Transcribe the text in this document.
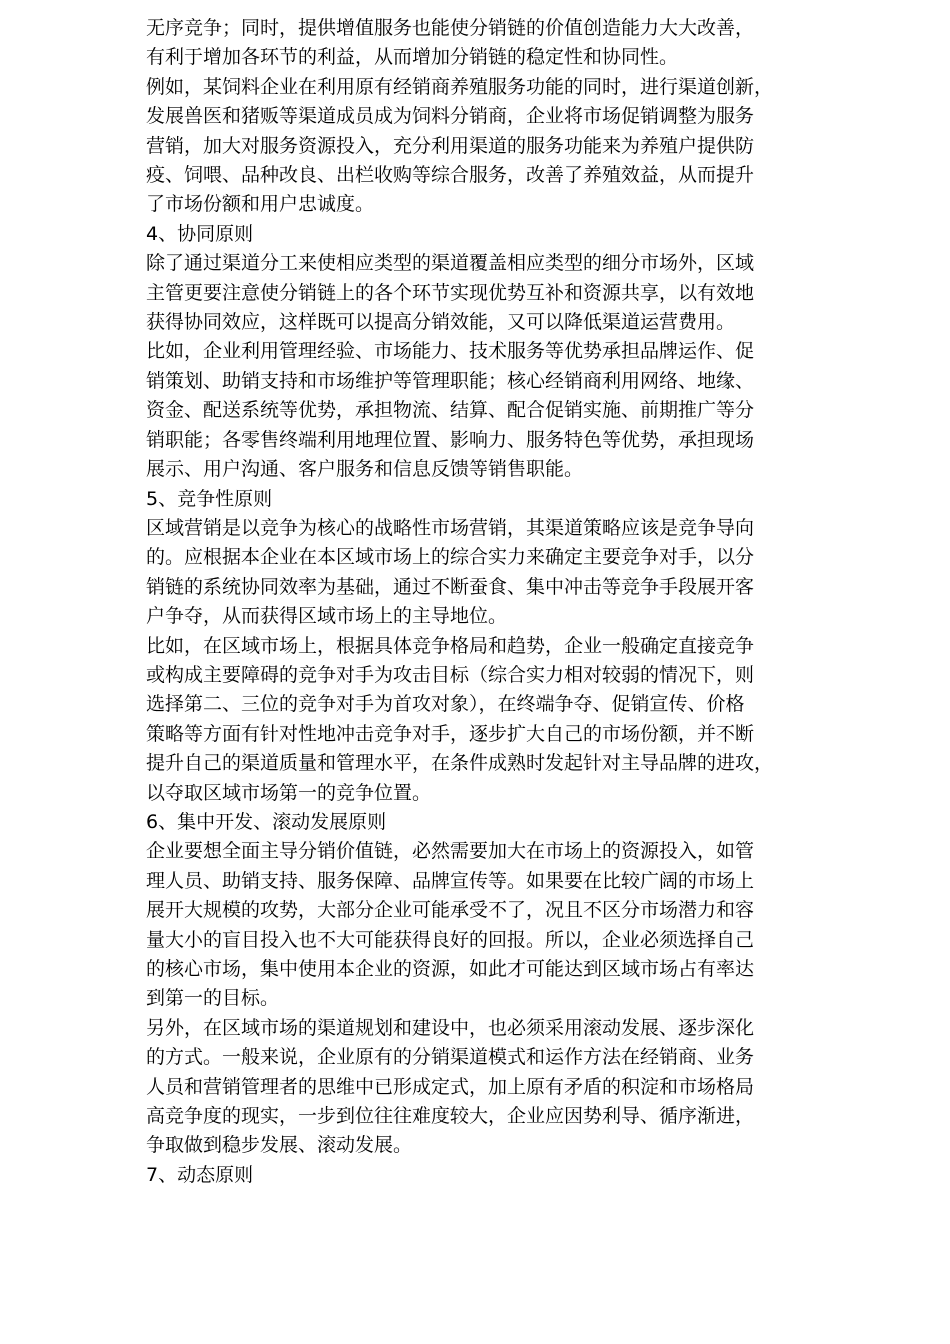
无序竞争；同时，提供增值服务也能使分销链的价值创造能力大大改善，
有利于增加各环节的利益，从而增加分销链的稳定性和协同性。

例如，某饲料企业在利用原有经销商养殖服务功能的同时，进行渠道创新，
发展兽医和猪贩等渠道成员成为饲料分销商，企业将市场促销调整为服务
营销，加大对服务资源投入，充分利用渠道的服务功能来为养殖户提供防
疫、饲喂、品种改良、出栏收购等综合服务，改善了养殖效益，从而提升
了市场份额和用户忠诚度。

4、协同原则

除了通过渠道分工来使相应类型的渠道覆盖相应类型的细分市场外，区域
主管更要注意使分销链上的各个环节实现优势互补和资源共享，以有效地
获得协同效应，这样既可以提高分销效能，又可以降低渠道运营费用。

比如，企业利用管理经验、市场能力、技术服务等优势承担品牌运作、促
销策划、助销支持和市场维护等管理职能；核心经销商利用网络、地缘、
资金、配送系统等优势，承担物流、结算、配合促销实施、前期推广等分
销职能；各零售终端利用地理位置、影响力、服务特色等优势，承担现场
展示、用户沟通、客户服务和信息反馈等销售职能。

5、竞争性原则

区域营销是以竞争为核心的战略性市场营销，其渠道策略应该是竞争导向
的。应根据本企业在本区域市场上的综合实力来确定主要竞争对手，以分
销链的系统协同效率为基础，通过不断蚕食、集中冲击等竞争手段展开客
户争夺，从而获得区域市场上的主导地位。

比如，在区域市场上，根据具体竞争格局和趋势，企业一般确定直接竞争
或构成主要障碍的竞争对手为攻击目标（综合实力相对较弱的情况下，则
选择第二、三位的竞争对手为首攻对象），在终端争夺、促销宣传、价格
策略等方面有针对性地冲击竞争对手，逐步扩大自己的市场份额，并不断
提升自己的渠道质量和管理水平，在条件成熟时发起针对主导品牌的进攻，
以夺取区域市场第一的竞争位置。

6、集中开发、滚动发展原则

企业要想全面主导分销价值链，必然需要加大在市场上的资源投入，如管
理人员、助销支持、服务保障、品牌宣传等。如果要在比较广阔的市场上
展开大规模的攻势，大部分企业可能承受不了，况且不区分市场潜力和容
量大小的盲目投入也不大可能获得良好的回报。所以，企业必须选择自己
的核心市场，集中使用本企业的资源，如此才可能达到区域市场占有率达
到第一的目标。

另外，在区域市场的渠道规划和建设中，也必须采用滚动发展、逐步深化
的方式。一般来说，企业原有的分销渠道模式和运作方法在经销商、业务
人员和营销管理者的思维中已形成定式，加上原有矛盾的积淀和市场格局
高竞争度的现实，一步到位往往难度较大，企业应因势利导、循序渐进，
争取做到稳步发展、滚动发展。

7、动态原则
